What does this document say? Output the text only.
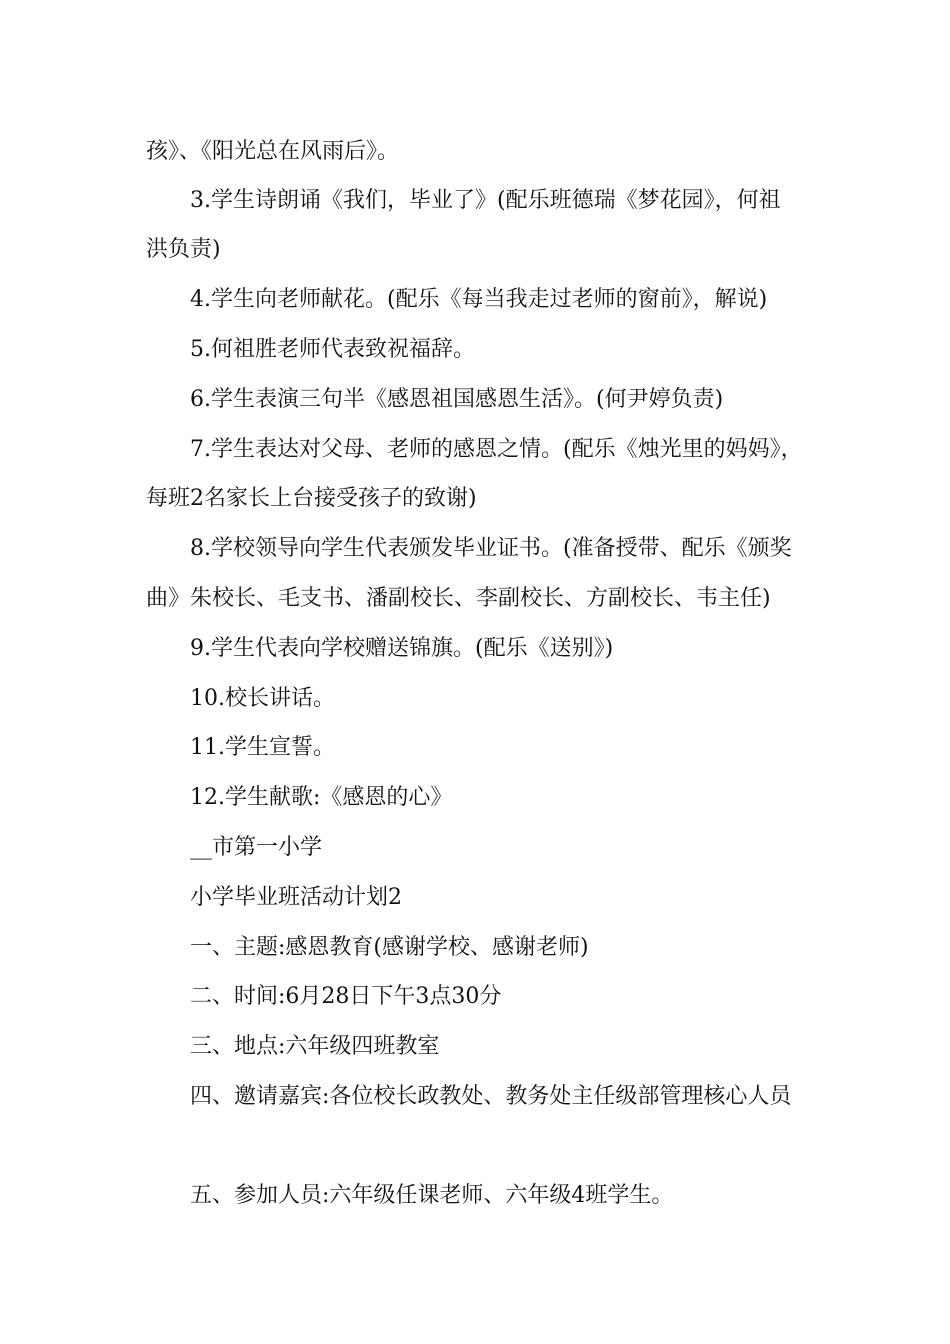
孩》、《阳光总在风雨后》。
3.学生诗朗诵《我们，毕业了》(配乐班德瑞《梦花园》，何祖
洪负责)
4.学生向老师献花。(配乐《每当我走过老师的窗前》，解说)
5.何祖胜老师代表致祝福辞。
6.学生表演三句半《感恩祖国感恩生活》。(何尹婷负责)
7.学生表达对父母、老师的感恩之情。(配乐《烛光里的妈妈》，
每班2名家长上台接受孩子的致谢)
8.学校领导向学生代表颁发毕业证书。(准备授带、配乐《颁奖
曲》朱校长、毛支书、潘副校长、李副校长、方副校长、韦主任)
9.学生代表向学校赠送锦旗。(配乐《送别》)
10.校长讲话。
11.学生宣誓。
12.学生献歌:《感恩的心》
__市第一小学
小学毕业班活动计划2
一、主题:感恩教育(感谢学校、感谢老师)
二、时间:6月28日下午3点30分
三、地点:六年级四班教室
四、邀请嘉宾:各位校长政教处、教务处主任级部管理核心人员
五、参加人员:六年级任课老师、六年级4班学生。
